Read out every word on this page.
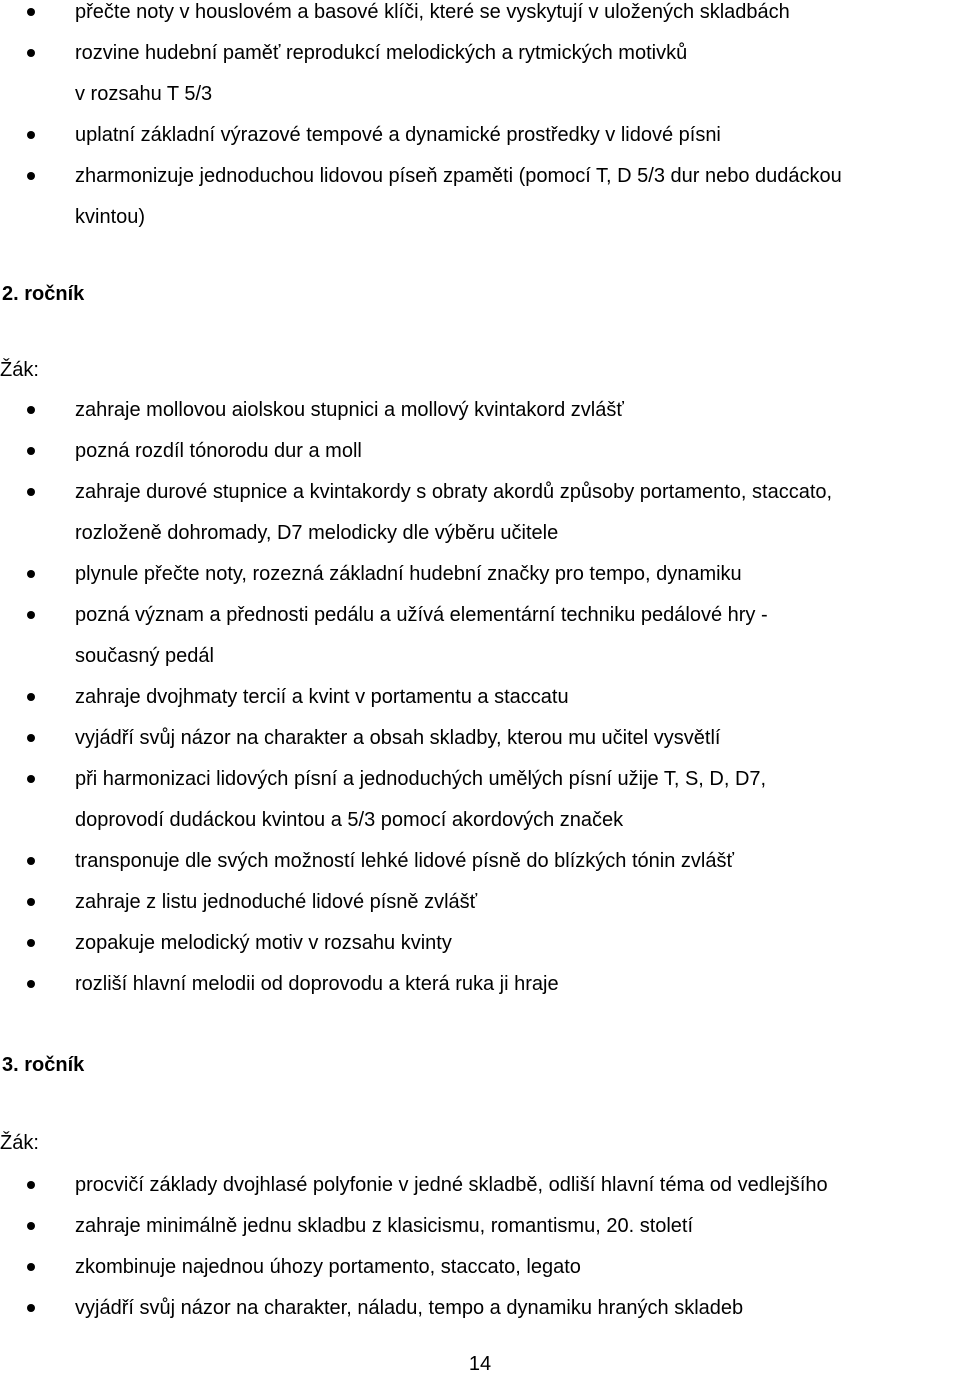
přečte noty v houslovém a basové klíči, které se vyskytují v uložených skladbách
rozvine hudební paměť reprodukcí melodických a rytmických motivků
v rozsahu T 5/3
uplatní základní výrazové tempové a dynamické prostředky v lidové písni
zharmonizuje jednoduchou lidovou píseň zpaměti (pomocí T, D 5/3 dur nebo dudáckou
kvintou)
2. ročník
Žák:
zahraje mollovou aiolskou stupnici a mollový kvintakord zvlášť
pozná rozdíl tónorodu dur a moll
zahraje durové stupnice a kvintakordy s obraty akordů způsoby portamento, staccato,
rozloženě dohromady, D7 melodicky dle výběru učitele
plynule přečte noty, rozezná základní hudební značky pro tempo, dynamiku
pozná význam a přednosti pedálu a užívá elementární techniku pedálové hry -
současný pedál
zahraje dvojhmaty tercií a kvint v portamentu a staccatu
vyjádří svůj názor na charakter a obsah skladby, kterou mu učitel vysvětlí
při harmonizaci lidových písní a jednoduchých umělých písní užije T, S, D, D7,
doprovodí dudáckou kvintou a 5/3 pomocí akordových značek
transponuje dle svých možností lehké lidové písně do blízkých tónin zvlášť
zahraje z listu jednoduché lidové písně zvlášť
zopakuje melodický motiv v rozsahu kvinty
rozliší hlavní melodii od doprovodu a která ruka ji hraje
3. ročník
Žák:
procvičí základy dvojhlasé polyfonie v jedné skladbě, odliší hlavní téma od vedlejšího
zahraje minimálně jednu skladbu z klasicismu, romantismu, 20. století
zkombinuje najednou úhozy portamento, staccato, legato
vyjádří svůj názor na charakter, náladu, tempo a dynamiku hraných skladeb
14
